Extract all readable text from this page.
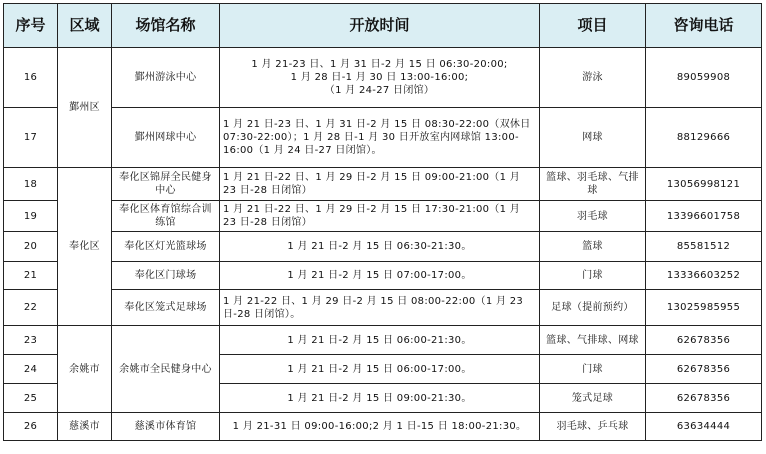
序号	区域	场馆名称	开放时间	项目	咨询电话
16	鄞州区	鄞州游泳中心	1 月 21-23 日、1 月 31 日-2 月 15 日 06:30-20:00;
1 月 28 日-1 月 30 日 13:00-16:00;
（1 月 24-27 日闭馆）	游泳	89059908
17		鄞州网球中心	1 月 21 日-23 日、1 月 31 日-2 月 15 日 08:30-22:00（双休日 07:30-22:00）；1 月 28 日-1 月 30 日开放室内网球馆 13:00-16:00（1 月 24 日-27 日闭馆）。	网球	88129666
18	奉化区	奉化区锦屏全民健身中心	1 月 21 日-22 日、1 月 29 日-2 月 15 日 09:00-21:00（1 月 23 日-28 日闭馆）	篮球、羽毛球、气排球	13056998121
19		奉化区体育馆综合训练馆	1 月 21 日-22 日、1 月 29 日-2 月 15 日 17:30-21:00（1 月 23 日-28 日闭馆）	羽毛球	13396601758
20		奉化区灯光篮球场	1 月 21 日-2 月 15 日 06:30-21:30。	篮球	85581512
21		奉化区门球场	1 月 21 日-2 月 15 日 07:00-17:00。	门球	13336603252
22		奉化区笼式足球场	1 月 21-22 日、1 月 29 日-2 月 15 日 08:00-22:00（1 月 23 日-28 日闭馆）。	足球（提前预约）	13025985955
23	余姚市	余姚市全民健身中心	1 月 21 日-2 月 15 日 06:00-21:30。	篮球、气排球、网球	62678356
24			1 月 21 日-2 月 15 日 06:00-17:00。	门球	62678356
25			1 月 21 日-2 月 15 日 09:00-21:30。	笼式足球	62678356
26	慈溪市	慈溪市体育馆	1 月 21-31 日 09:00-16:00;2 月 1 日-15 日 18:00-21:30。	羽毛球、乒乓球	63634444
